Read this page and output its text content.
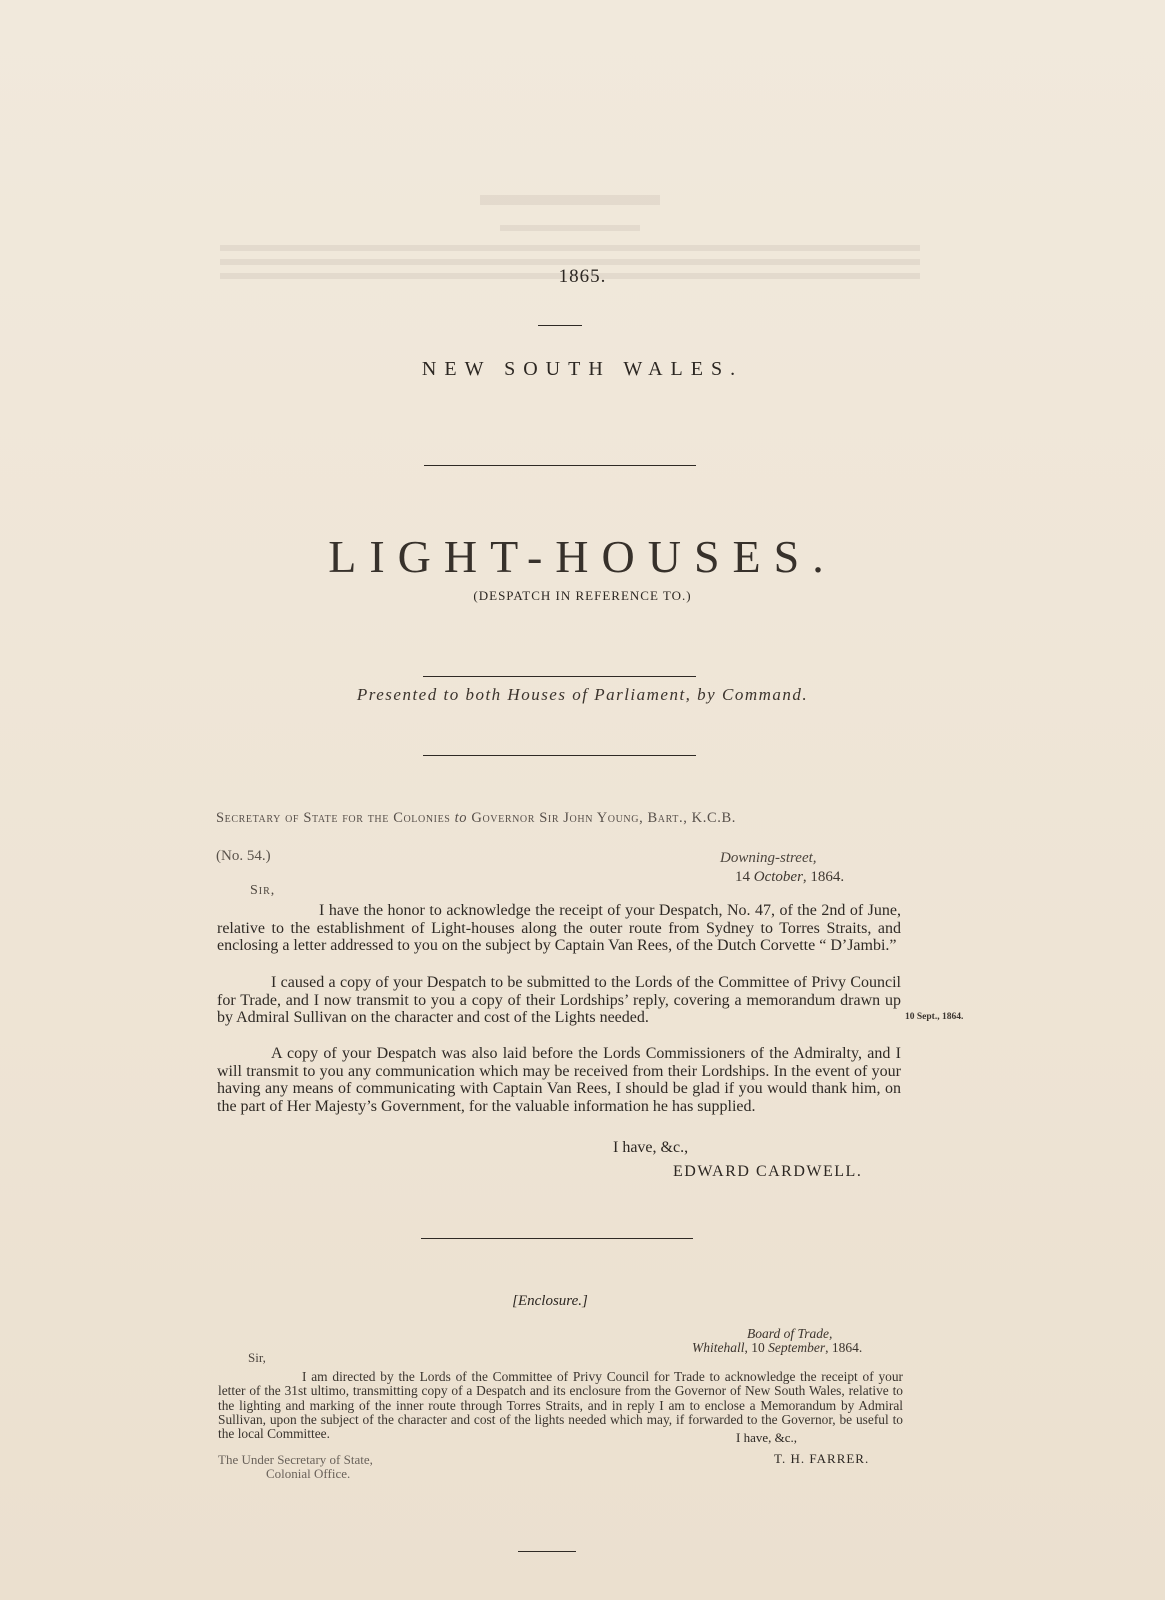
1865.
NEW SOUTH WALES.
LIGHT-HOUSES.
(DESPATCH IN REFERENCE TO.)
Presented to both Houses of Parliament, by Command.
Secretary of State for the Colonies to Governor Sir John Young, Bart., K.C.B.
(No. 54.)	Downing-street,
14 October, 1864.
Sir,

I have the honor to acknowledge the receipt of your Despatch, No. 47, of the 2nd of June, relative to the establishment of Light-houses along the outer route from Sydney to Torres Straits, and enclosing a letter addressed to you on the subject by Captain Van Rees, of the Dutch Corvette “ D’Jambi.”

I caused a copy of your Despatch to be submitted to the Lords of the Committee of Privy Council for Trade, and I now transmit to you a copy of their Lordships’ reply, covering a memorandum drawn up by Admiral Sullivan on the character and cost of the Lights needed.	10 Sept., 1864.

A copy of your Despatch was also laid before the Lords Commissioners of the Admiralty, and I will transmit to you any communication which may be received from their Lordships. In the event of your having any means of communicating with Captain Van Rees, I should be glad if you would thank him, on the part of Her Majesty’s Government, for the valuable information he has supplied.

I have, &c.,
EDWARD CARDWELL.
[Enclosure.]
Board of Trade,
Whitehall, 10 September, 1864.
Sir,

I am directed by the Lords of the Committee of Privy Council for Trade to acknowledge the receipt of your letter of the 31st ultimo, transmitting copy of a Despatch and its enclosure from the Governor of New South Wales, relative to the lighting and marking of the inner route through Torres Straits, and in reply I am to enclose a Memorandum by Admiral Sullivan, upon the subject of the character and cost of the lights needed which may, if forwarded to the Governor, be useful to the local Committee.	I have, &c.,
T. H. FARRER.
The Under Secretary of State,
Colonial Office.
